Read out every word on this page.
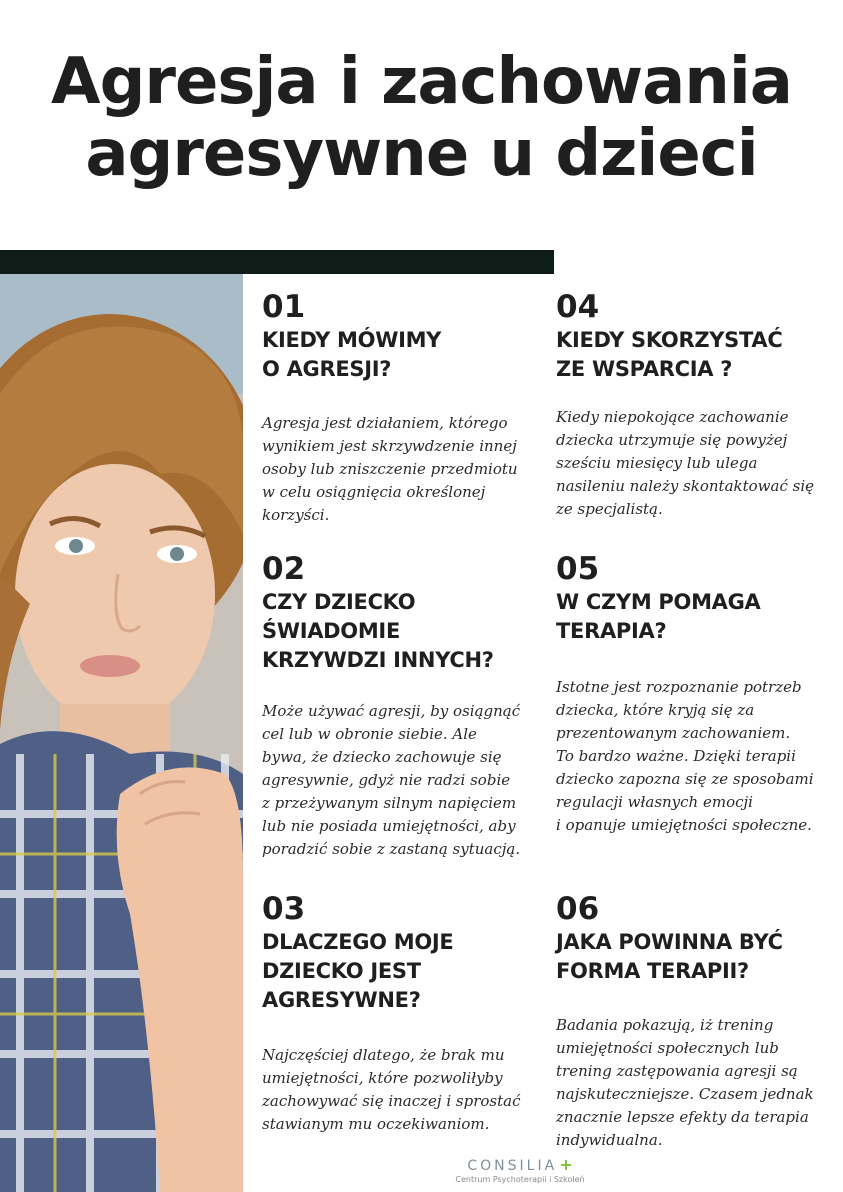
Agresja i zachowania
agresywne u dzieci

01

KIEDY MÓWIMY
O AGRESJI?

Agresja jest działaniem, którego
wynikiem jest skrzywdzenie innej
osoby lub zniszczenie przedmiotu
w celu osiągnięcia określonej
korzyści.

02

CZY DZIECKO
ŚWIADOMIE
KRZYWDZI INNYCH?

Może używać agresji, by osiągnąć
cel lub w obronie siebie. Ale
bywa, że dziecko zachowuje się
agresywnie, gdyż nie radzi sobie
z przeżywanym silnym napięciem
lub nie posiada umiejętności, aby
poradzić sobie z zastaną sytuacją.

03

DLACZEGO MOJE
DZIECKO JEST
AGRESYWNE?

Najczęściej dlatego, że brak mu
umiejętności, które pozwoliłyby
zachowywać się inaczej i sprostać
stawianym mu oczekiwaniom.

04

KIEDY SKORZYSTAĆ
ZE WSPARCIA ?

Kiedy niepokojące zachowanie
dziecka utrzymuje się powyżej
sześciu miesięcy lub ulega
nasileniu należy skontaktować się
ze specjalistą.

05

W CZYM POMAGA
TERAPIA?

Istotne jest rozpoznanie potrzeb
dziecka, które kryją się za
prezentowanym zachowaniem.
To bardzo ważne. Dzięki terapii
dziecko zapozna się ze sposobami
regulacji własnych emocji
i opanuje umiejętności społeczne.

06

JAKA POWINNA BYĆ
FORMA TERAPII?

Badania pokazują, iż trening
umiejętności społecznych lub
trening zastępowania agresji są
najskuteczniejsze. Czasem jednak
znacznie lepsze efekty da terapia
indywidualna.

CONSILIA +
Centrum Psychoterapii i Szkoleń
